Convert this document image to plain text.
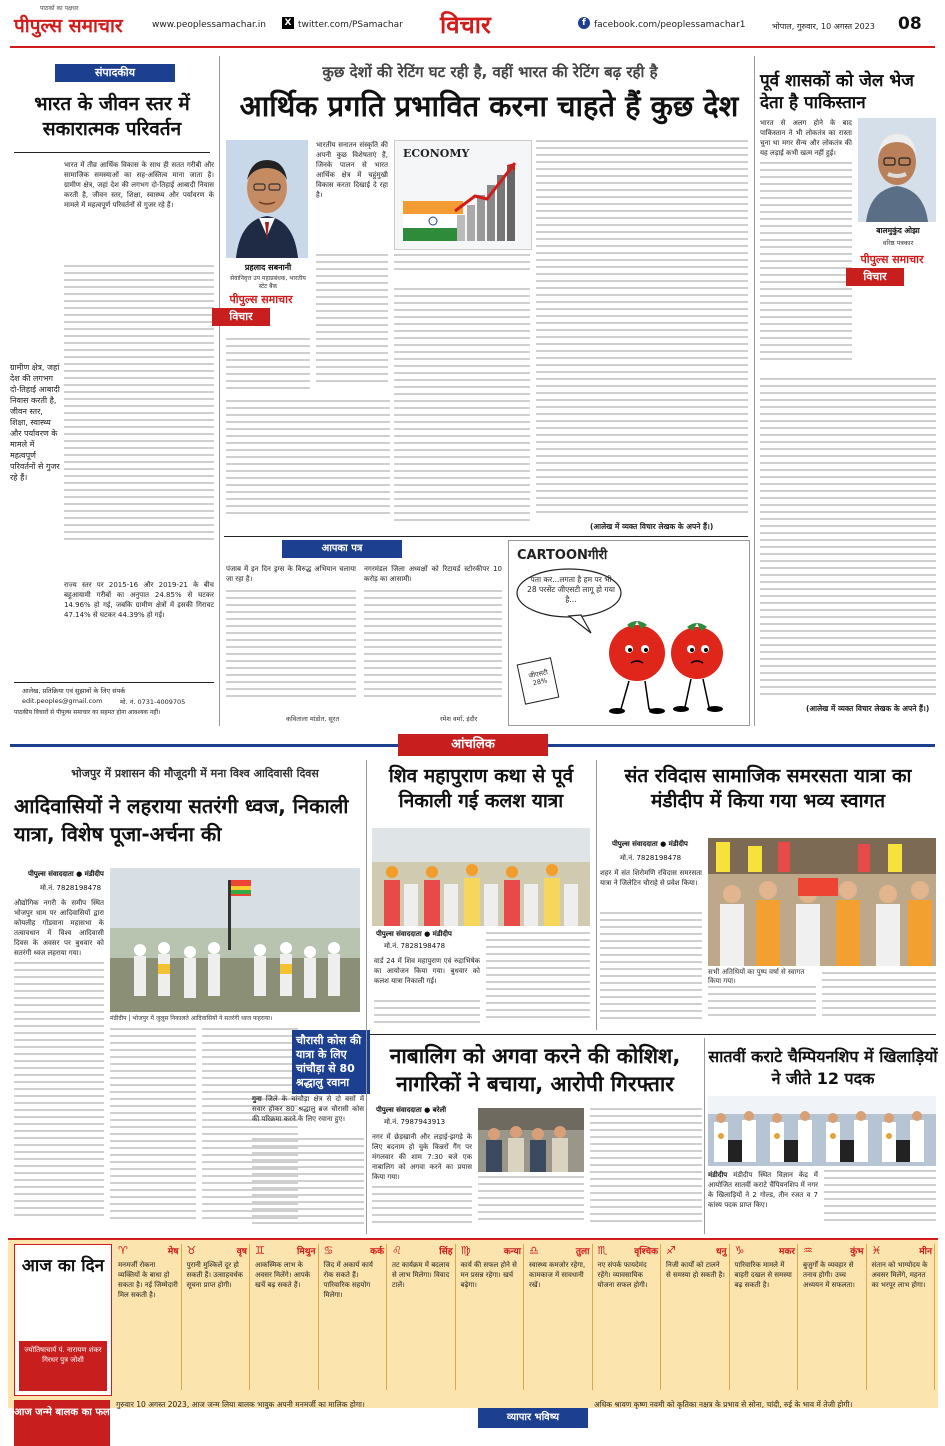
पीपुल्स समाचार
पाठकों का पक्षधर
www.peoplessamachar.in X twitter.com/PSamachar विचार	f facebook.com/peoplessamachar1	भोपाल, गुरुवार, 10 अगस्त 2023 08
संपादकीय
भारत के जीवन स्तर में सकारात्मक परिवर्तन
ग्रामीण क्षेत्र, जहां देश की लगभग दो-तिहाई आबादी निवास करती है, जीवन स्तर, शिक्षा, स्वास्थ्य और पर्यावरण के मामले में महत्वपूर्ण परिवर्तनों से गुजर रहे हैं।
भारत में तीव्र आर्थिक विकास के साथ ही सतत गरीबी और सामाजिक समस्याओं का सह-अस्तित्व माना जाता है। ग्रामीण क्षेत्र, जहां देश की लगभग दो-तिहाई आबादी निवास करती है, जीवन स्तर, शिक्षा, स्वास्थ्य और पर्यावरण के मामले में महत्वपूर्ण परिवर्तनों से गुजर रहे हैं।
राज्य स्तर पर 2015-16 और 2019-21 के बीच बहुआयामी गरीबों का अनुपात 24.85% से घटकर 14.96% हो गई, जबकि ग्रामीण क्षेत्रों में इसकी गिरावट 47.14% से घटकर 44.39% हो गई।
आलेख, प्रतिक्रिया एवं सुझावों के लिए संपर्क
edit.peoples@gmail.com	मो. नं. 0731-4009705
पाठकीय विचारों से पीपुल्स समाचार का सहमत होना आवश्यक नहीं।
कुछ देशों की रेटिंग घट रही है, वहीं भारत की रेटिंग बढ़ रही है
आर्थिक प्रगति प्रभावित करना चाहते हैं कुछ देश
प्रहलाद सबनानी
सेवानिवृत्त उप महाप्रबंधक, भारतीय स्टेट बैंक
पीपुल्स समाचार
विचार
भारतीय सनातन संस्कृति की अपनी कुछ विशेषताएं हैं, जिनके पालन से भारत आर्थिक क्षेत्र में चहुंमुखी विकास करता दिखाई दे रहा है।
ECONOMY
(आलेख में व्यक्त विचार लेखक के अपने हैं।)
आपका पत्र
पंजाब में इन दिन ड्रग्स के विरुद्ध अभियान चलाया जा रहा है।
कविताला मांडोत, सूरत
नगरमंडल जिला अध्यक्षों को रिटायर्ड स्टोरकीपर 10 करोड़ का आसामी।
रमेश वर्मा, इंदौर
CARTOONगीरी
पता कर...लगता है हम पर भी 28 परसेंट जीएसटी लागू हो गया है...
जीएसटी 28%
पूर्व शासकों को जेल भेज देता है पाकिस्तान
भारत से अलग होने के बाद पाकिस्तान ने भी लोकतंत्र का रास्ता चुना था मगर सैन्य और लोकतंत्र की यह लड़ाई कभी खत्म नहीं हुई।
बालमुकुंद ओझा
वरिष्ठ पत्रकार
पीपुल्स समाचार
विचार
(आलेख में व्यक्त विचार लेखक के अपने हैं।)
आंचलिक
भोजपुर में प्रशासन की मौजूदगी में मना विश्व आदिवासी दिवस
आदिवासियों ने लहराया सतरंगी ध्वज, निकाली यात्रा, विशेष पूजा-अर्चना की
पीपुल्स संवाददाता ● मंडीदीप
मो.नं. 7828198478
औद्योगिक नगरी के समीप स्थित भोजपुर धाम पर आदिवासियों द्वारा कोयलीह गोंडवाना महासभा के तत्वावधान में विश्व आदिवासी दिवस के अवसर पर बुधवार को सतरंगी ध्वज लहराया गया।
मंडीदीप | भोजपुर में जुलूस निकालते आदिवासियों ने सतरंगी ध्वज फहराया।
चौरासी कोस की यात्रा के लिए चांचौड़ा से 80 श्रद्धालु रवाना
गुना जिले के चांचौड़ा क्षेत्र से दो बसों में सवार होकर 80 श्रद्धालु ब्रज चौरासी कोस की परिक्रमा करने के लिए रवाना हुए।
शिव महापुराण कथा से पूर्व निकाली गई कलश यात्रा
पीपुल्स संवाददाता ● मंडीदीप
मो.नं. 7828198478
वार्ड 24 में शिव महापुराण एवं रुद्राभिषेक का आयोजन किया गया। बुधवार को कलश यात्रा निकाली गई।
संत रविदास सामाजिक समरसता यात्रा का मंडीदीप में किया गया भव्य स्वागत
पीपुल्स संवाददाता ● मंडीदीप
मो.नं. 7828198478
शहर में संत शिरोमणि रविदास समरसता यात्रा ने जिलेटिन चौराहे से प्रवेश किया।
सभी अतिथियों का पुष्प वर्षा से स्वागत किया गया।
नाबालिग को अगवा करने की कोशिश, नागरिकों ने बचाया, आरोपी गिरफ्तार
पीपुल्स संवाददाता ● बरेली
मो.नं. 7987943913
नगर में छेड़खानी और लड़ाई-झगड़े के लिए बदनाम हो चुके किन्नरों गैंग पर मंगलवार की शाम 7:30 बजे एक नाबालिग को अगवा करने का प्रयास किया गया।
सातवीं कराटे चैम्पियनशिप में खिलाड़ियों ने जीते 12 पदक
मंडीदीप मंडीदीप स्थित विज्ञान केंद्र में आयोजित सातवीं कराटे चैंपियनशिप में नगर के खिलाड़ियों ने 2 गोल्ड, तीन रजत व 7 कांस्य पदक प्राप्त किए।
आज का दिन
ज्योतिषाचार्य पं. नारायण शंकर गिरधर पुत्र जोशी
♈	मेष
मनमर्जी रोकना व्यक्तियों के बाधा हो सकता है। नई जिम्मेदारी मिल सकती है।
♉	वृष
पुरानी मुश्किलें दूर हो सकती हैं। उत्साहवर्धक सूचना प्राप्त होगी।
♊	मिथुन
आकस्मिक लाभ के अवसर मिलेंगे। आपके खर्चे बढ़ सकते हैं।
♋	कर्क
जिद में अकार्य कार्य रोक सकते हैं। पारिवारिक सहयोग मिलेगा।
♌	सिंह
तट कार्यक्रम में बदलाव से लाभ मिलेगा। विवाद टालें।
♍	कन्या
कार्य की सफल होने से मन प्रसन्न रहेगा। खर्च बढ़ेगा।
♎	तुला
स्वास्थ्य कमजोर रहेगा, कामकाज में सावधानी रखें।
♏	वृश्चिक
नए संपर्क फायदेमंद रहेंगे। व्यावसायिक योजना सफल होगी।
♐	धनु
निजी कार्यों को टालने से समस्या हो सकती है।
♑	मकर
पारिवारिक मामले में बाहरी दखल से समस्या बढ़ सकती है।
♒	कुंभ
बुजुर्गों के व्यवहार से तनाव होगी। उच्च अध्ययन में सफलता।
♓	मीन
संतान को भाग्योदय के अवसर मिलेंगे, महनत का भरपूर लाभ होगा।
आज जन्मे बालक का फल
गुरुवार 10 अगस्त 2023, आज जन्म लिया बालक भावुक अपनी मनमर्जी का मालिक होगा।
व्यापार भविष्य
अधिक श्रावण कृष्ण नवमी को कृतिका नक्षत्र के प्रभाव से सोना, चांदी, रुई के भाव में तेजी होगी।
